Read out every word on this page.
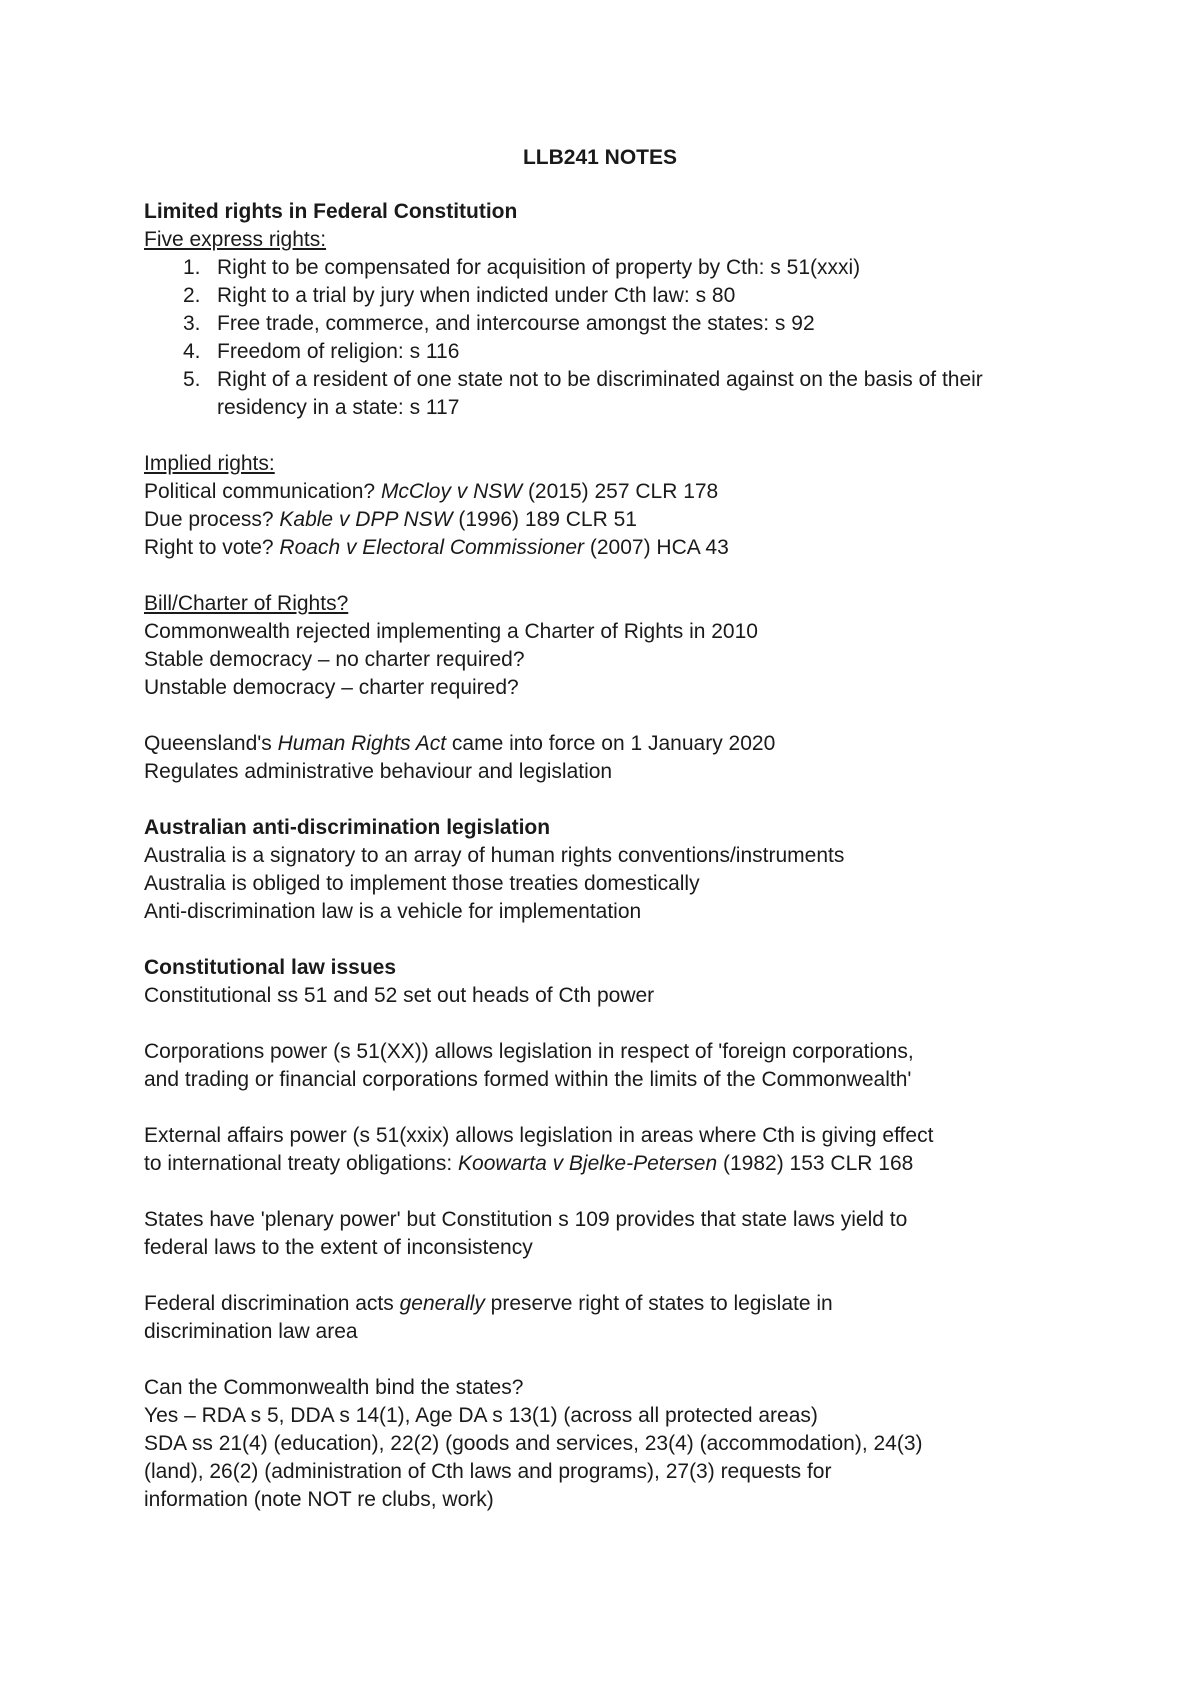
LLB241 NOTES
Limited rights in Federal Constitution
Five express rights:
1. Right to be compensated for acquisition of property by Cth: s 51(xxxi)
2. Right to a trial by jury when indicted under Cth law: s 80
3. Free trade, commerce, and intercourse amongst the states: s 92
4. Freedom of religion: s 116
5. Right of a resident of one state not to be discriminated against on the basis of their residency in a state: s 117
Implied rights:
Political communication? McCloy v NSW (2015) 257 CLR 178
Due process? Kable v DPP NSW (1996) 189 CLR 51
Right to vote? Roach v Electoral Commissioner (2007) HCA 43
Bill/Charter of Rights?
Commonwealth rejected implementing a Charter of Rights in 2010
Stable democracy – no charter required?
Unstable democracy – charter required?
Queensland's Human Rights Act came into force on 1 January 2020
Regulates administrative behaviour and legislation
Australian anti-discrimination legislation
Australia is a signatory to an array of human rights conventions/instruments
Australia is obliged to implement those treaties domestically
Anti-discrimination law is a vehicle for implementation
Constitutional law issues
Constitutional ss 51 and 52 set out heads of Cth power
Corporations power (s 51(XX)) allows legislation in respect of 'foreign corporations,
and trading or financial corporations formed within the limits of the Commonwealth'
External affairs power (s 51(xxix) allows legislation in areas where Cth is giving effect
to international treaty obligations: Koowarta v Bjelke-Petersen (1982) 153 CLR 168
States have 'plenary power' but Constitution s 109 provides that state laws yield to
federal laws to the extent of inconsistency
Federal discrimination acts generally preserve right of states to legislate in
discrimination law area
Can the Commonwealth bind the states?
Yes – RDA s 5, DDA s 14(1), Age DA s 13(1) (across all protected areas)
SDA ss 21(4) (education), 22(2) (goods and services, 23(4) (accommodation), 24(3)
(land), 26(2) (administration of Cth laws and programs), 27(3) requests for
information (note NOT re clubs, work)
